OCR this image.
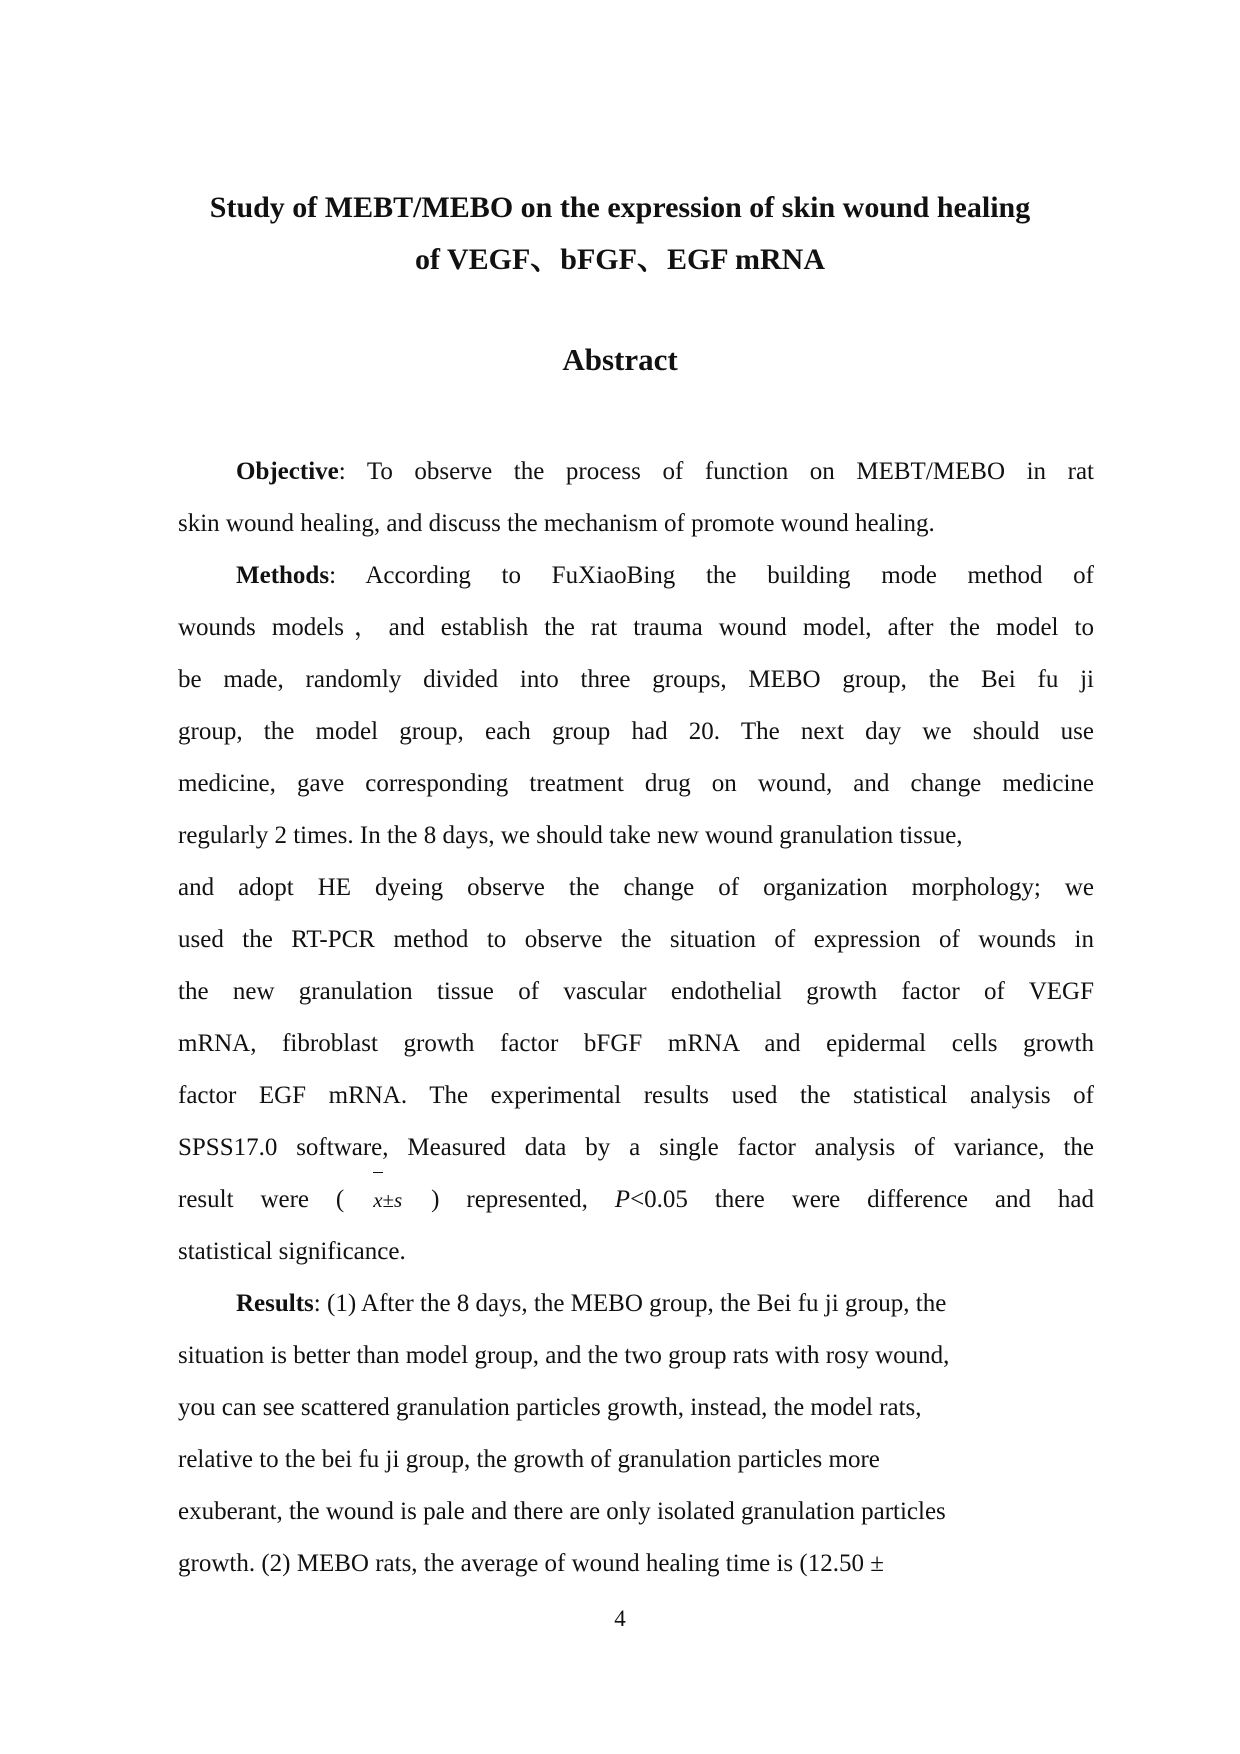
Study of MEBT/MEBO on the expression of skin wound healing
of VEGF、bFGF、EGF mRNA
Abstract

Objective: To observe the process of function on MEBT/MEBO in rat
skin wound healing, and discuss the mechanism of promote wound healing.

Methods: According to FuXiaoBing the building mode method of
wounds models，and establish the rat trauma wound model, after the model to
be made, randomly divided into three groups, MEBO group, the Bei fu ji
group, the model group, each group had 20. The next day we should use
medicine, gave corresponding treatment drug on wound, and change medicine
regularly 2 times. In the 8 days, we should take new wound granulation tissue,
and adopt HE dyeing observe the change of organization morphology; we
used the RT-PCR method to observe the situation of expression of wounds in
the new granulation tissue of vascular endothelial growth factor of VEGF
mRNA, fibroblast growth factor bFGF mRNA and epidermal cells growth
factor EGF mRNA. The experimental results used the statistical analysis of
SPSS17.0 software, Measured data by a single factor analysis of variance, the
result were ( x±s ) represented, P<0.05 there were difference and had
statistical significance.

Results: (1) After the 8 days, the MEBO group, the Bei fu ji group, the
situation is better than model group, and the two group rats with rosy wound,
you can see scattered granulation particles growth, instead, the model rats,
relative to the bei fu ji group, the growth of granulation particles more
exuberant, the wound is pale and there are only isolated granulation particles
growth. (2) MEBO rats, the average of wound healing time is (12.50 ±

4
